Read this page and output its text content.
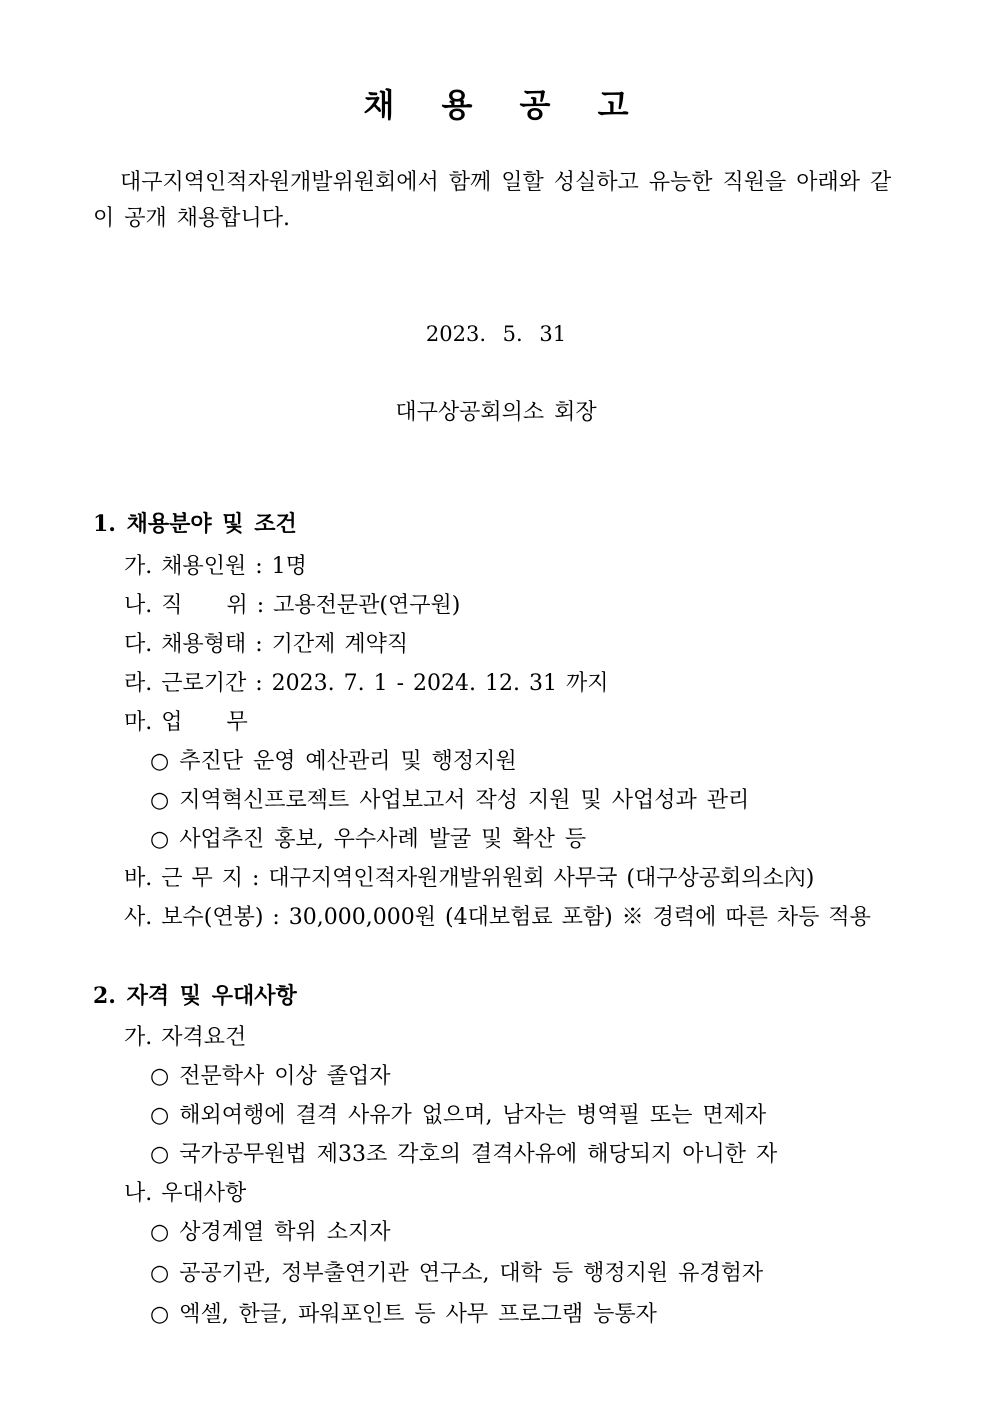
채 용 공 고

대구지역인적자원개발위원회에서 함께 일할 성실하고 유능한 직원을 아래와 같이 공개 채용합니다.

2023. 5. 31
대구상공회의소 회장
1. 채용분야 및 조건
가. 채용인원 : 1명
나. 직　　위 : 고용전문관(연구원)
다. 채용형태 : 기간제 계약직
라. 근로기간 : 2023. 7. 1 - 2024. 12. 31 까지
마. 업　　무
○ 추진단 운영 예산관리 및 행정지원
○ 지역혁신프로젝트 사업보고서 작성 지원 및 사업성과 관리
○ 사업추진 홍보, 우수사례 발굴 및 확산 등
바. 근 무 지 : 대구지역인적자원개발위원회 사무국 (대구상공회의소內)
사. 보수(연봉) : 30,000,000원 (4대보험료 포함) ※ 경력에 따른 차등 적용
2. 자격 및 우대사항
가. 자격요건
○ 전문학사 이상 졸업자
○ 해외여행에 결격 사유가 없으며, 남자는 병역필 또는 면제자
○ 국가공무원법 제33조 각호의 결격사유에 해당되지 아니한 자
나. 우대사항
○ 상경계열 학위 소지자
○ 공공기관, 정부출연기관 연구소, 대학 등 행정지원 유경험자
○ 엑셀, 한글, 파워포인트 등 사무 프로그램 능통자
